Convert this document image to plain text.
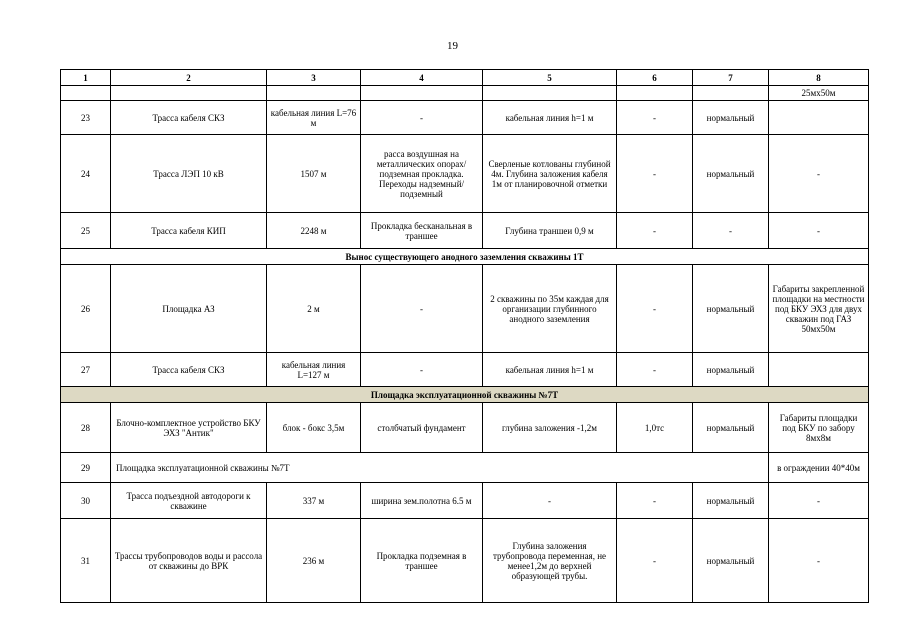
19
1	2	3	4	5	6	7	8
							25мх50м
23	Трасса кабеля СКЗ	кабельная линия L=76 м	-	кабельная линия h=1 м	-	нормальный	
24	Трасса ЛЭП 10 кВ	1507 м	расса воздушная на металлических опорах/подземная прокладка. Переходы надземный/подземный	Сверленые котлованы глубиной 4м. Глубина заложения кабеля 1м от планировочной отметки	-	нормальный	-
25	Трасса кабеля КИП	2248 м	Прокладка бесканальная в траншее	Глубина траншеи 0,9 м	-	-	-
Вынос существующего анодного заземления скважины 1Т							
26	Площадка АЗ	2 м	-	2 скважины по 35м каждая для организации глубинного анодного заземления	-	нормальный	Габариты закрепленной площадки на местности под БКУ ЭХЗ для двух скважин под ГАЗ 50мх50м
27	Трасса кабеля СКЗ	кабельная линия L=127 м	-	кабельная линия h=1 м	-	нормальный	
Площадка эксплуатационной скважины №7Т							
28	Блочно-комплектное устройство БКУ ЭХЗ "Антик"	блок - бокс 3,5м	столбчатый фундамент	глубина заложения -1,2м	1,0тс	нормальный	Габариты площадки под БКУ по забору 8мх8м
29	Площадка эксплуатационной скважины №7Т						в ограждении 40*40м
30	Трасса подъездной автодороги к скважине	337 м	ширина зем.полотна 6.5 м	-	-	нормальный	-
31	Трассы трубопроводов воды и рассола от скважины до ВРК	236 м	Прокладка подземная в траншее	Глубина заложения трубопровода переменная, не менее1,2м до верхней образующей трубы.	-	нормальный	-
